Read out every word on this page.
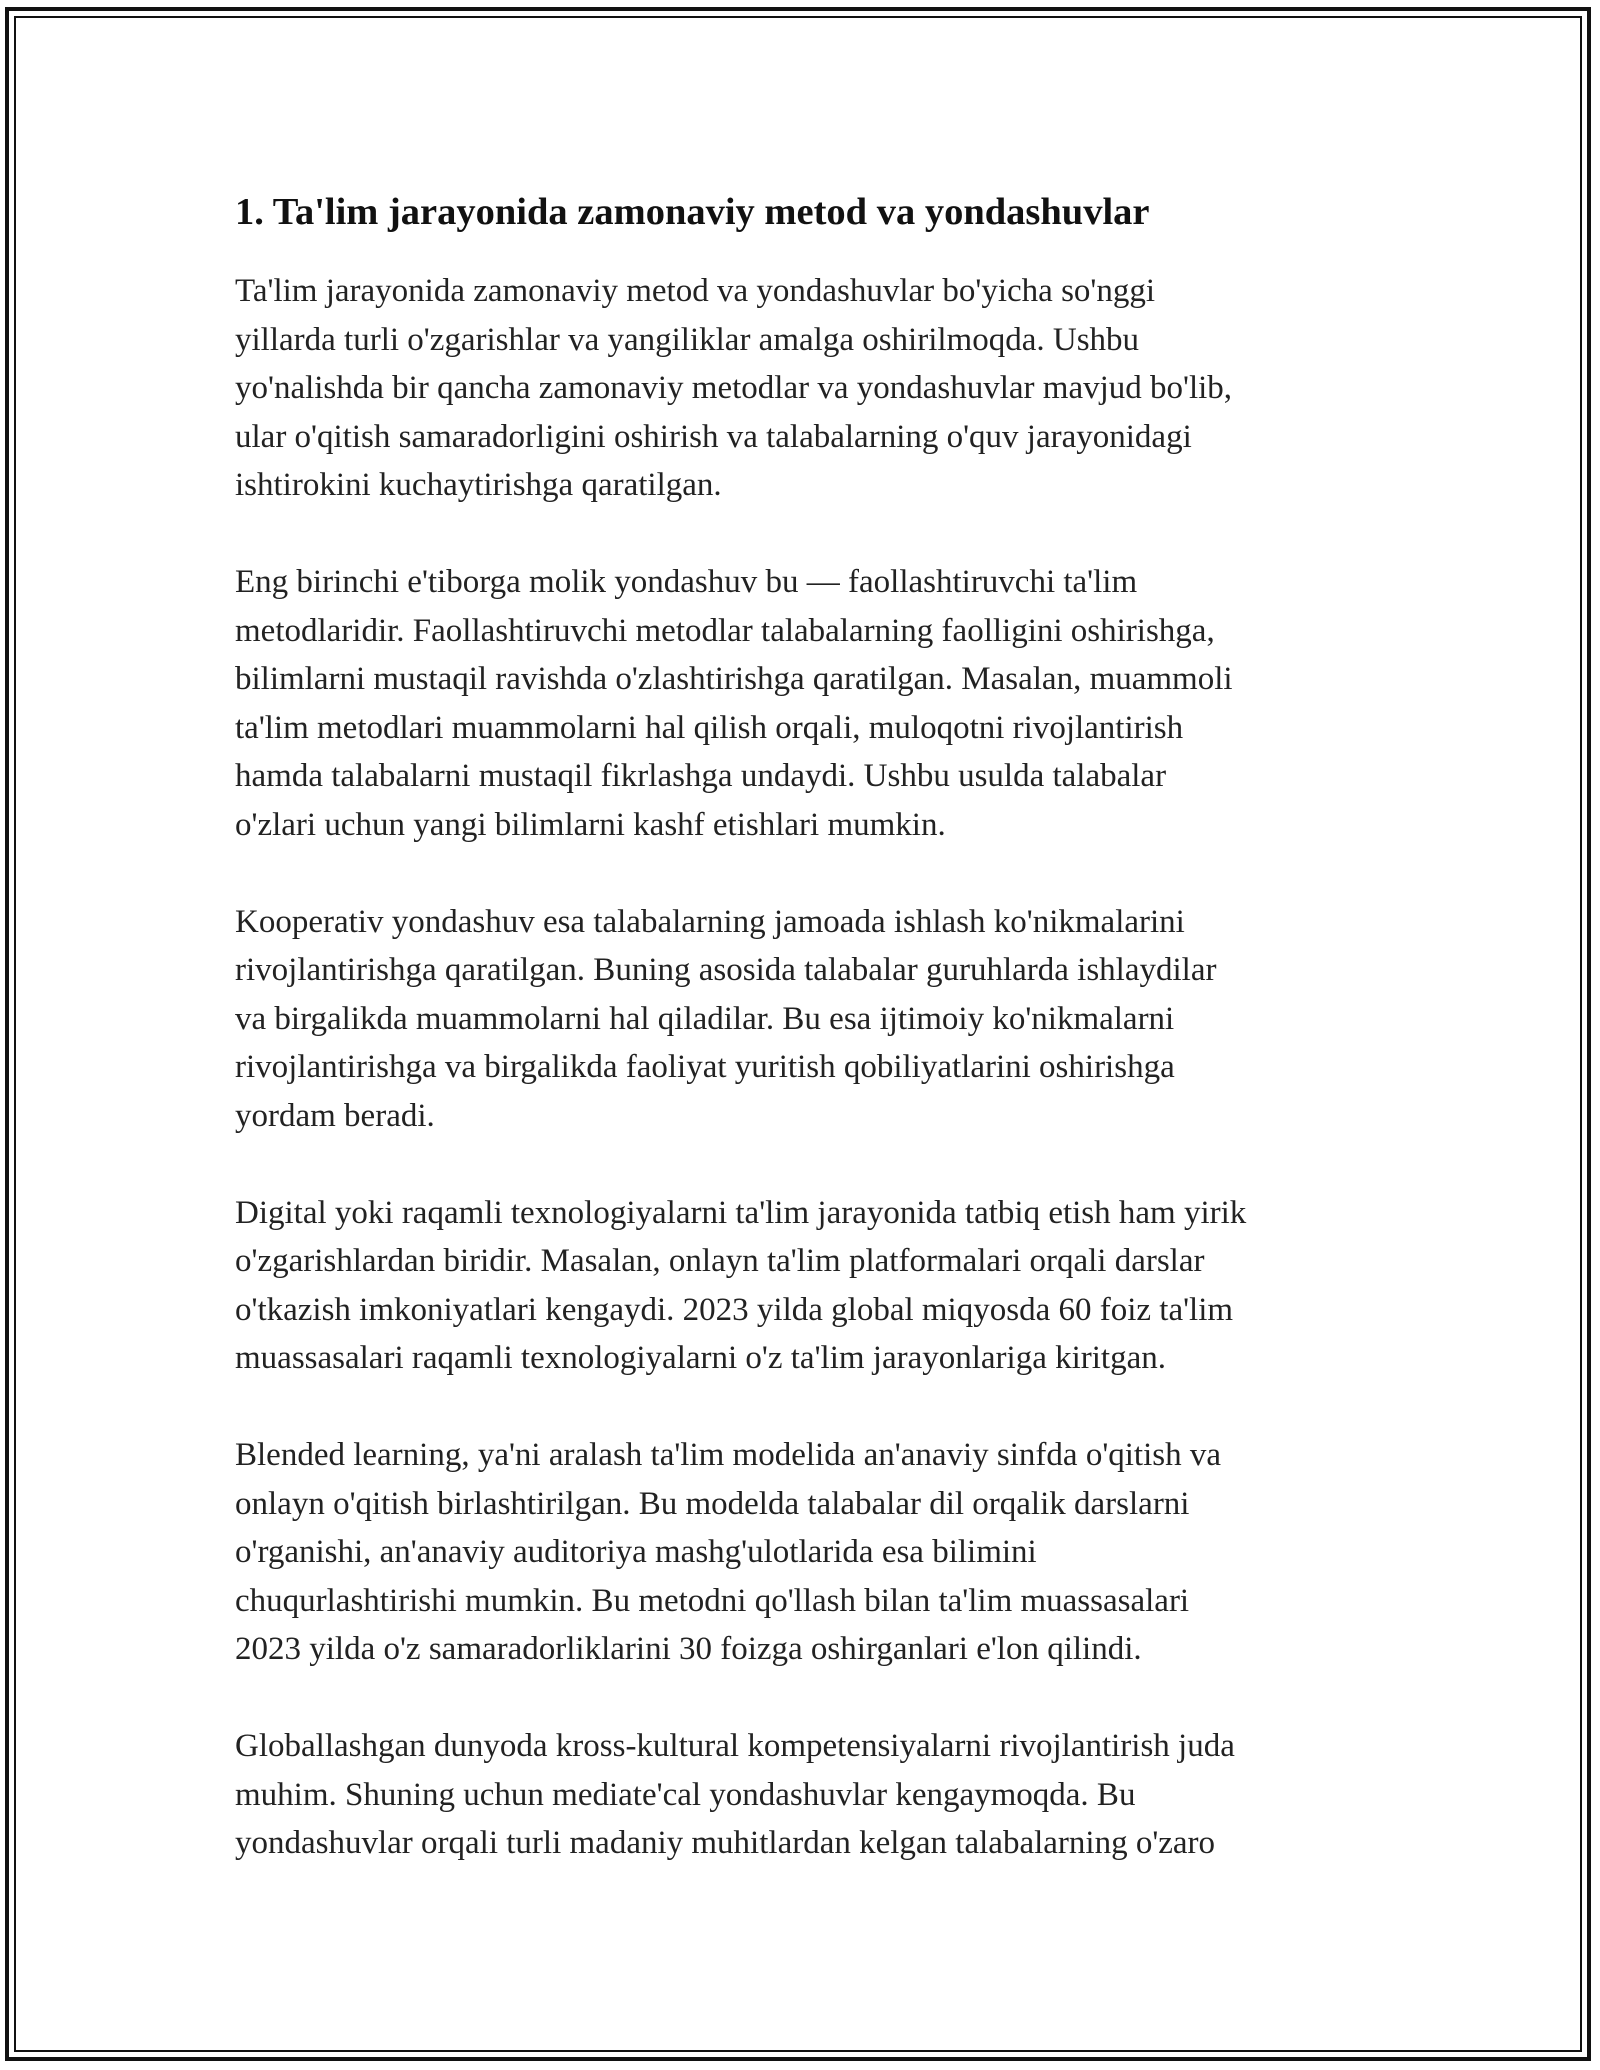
1. Ta'lim jarayonida zamonaviy metod va yondashuvlar

Ta'lim jarayonida zamonaviy metod va yondashuvlar bo'yicha so'nggi
yillarda turli o'zgarishlar va yangiliklar amalga oshirilmoqda. Ushbu
yo'nalishda bir qancha zamonaviy metodlar va yondashuvlar mavjud bo'lib,
ular o'qitish samaradorligini oshirish va talabalarning o'quv jarayonidagi
ishtirokini kuchaytirishga qaratilgan.

Eng birinchi e'tiborga molik yondashuv bu — faollashtiruvchi ta'lim
metodlaridir. Faollashtiruvchi metodlar talabalarning faolligini oshirishga,
bilimlarni mustaqil ravishda o'zlashtirishga qaratilgan. Masalan, muammoli
ta'lim metodlari muammolarni hal qilish orqali, muloqotni rivojlantirish
hamda talabalarni mustaqil fikrlashga undaydi. Ushbu usulda talabalar
o'zlari uchun yangi bilimlarni kashf etishlari mumkin.

Kooperativ yondashuv esa talabalarning jamoada ishlash ko'nikmalarini
rivojlantirishga qaratilgan. Buning asosida talabalar guruhlarda ishlaydilar
va birgalikda muammolarni hal qiladilar. Bu esa ijtimoiy ko'nikmalarni
rivojlantirishga va birgalikda faoliyat yuritish qobiliyatlarini oshirishga
yordam beradi.

Digital yoki raqamli texnologiyalarni ta'lim jarayonida tatbiq etish ham yirik
o'zgarishlardan biridir. Masalan, onlayn ta'lim platformalari orqali darslar
o'tkazish imkoniyatlari kengaydi. 2023 yilda global miqyosda 60 foiz ta'lim
muassasalari raqamli texnologiyalarni o'z ta'lim jarayonlariga kiritgan.

Blended learning, ya'ni aralash ta'lim modelida an'anaviy sinfda o'qitish va
onlayn o'qitish birlashtirilgan. Bu modelda talabalar dil orqalik darslarni
o'rganishi, an'anaviy auditoriya mashg'ulotlarida esa bilimini
chuqurlashtirishi mumkin. Bu metodni qo'llash bilan ta'lim muassasalari
2023 yilda o'z samaradorliklarini 30 foizga oshirganlari e'lon qilindi.

Globallashgan dunyoda kross-kultural kompetensiyalarni rivojlantirish juda
muhim. Shuning uchun mediate'cal yondashuvlar kengaymoqda. Bu
yondashuvlar orqali turli madaniy muhitlardan kelgan talabalarning o'zaro
